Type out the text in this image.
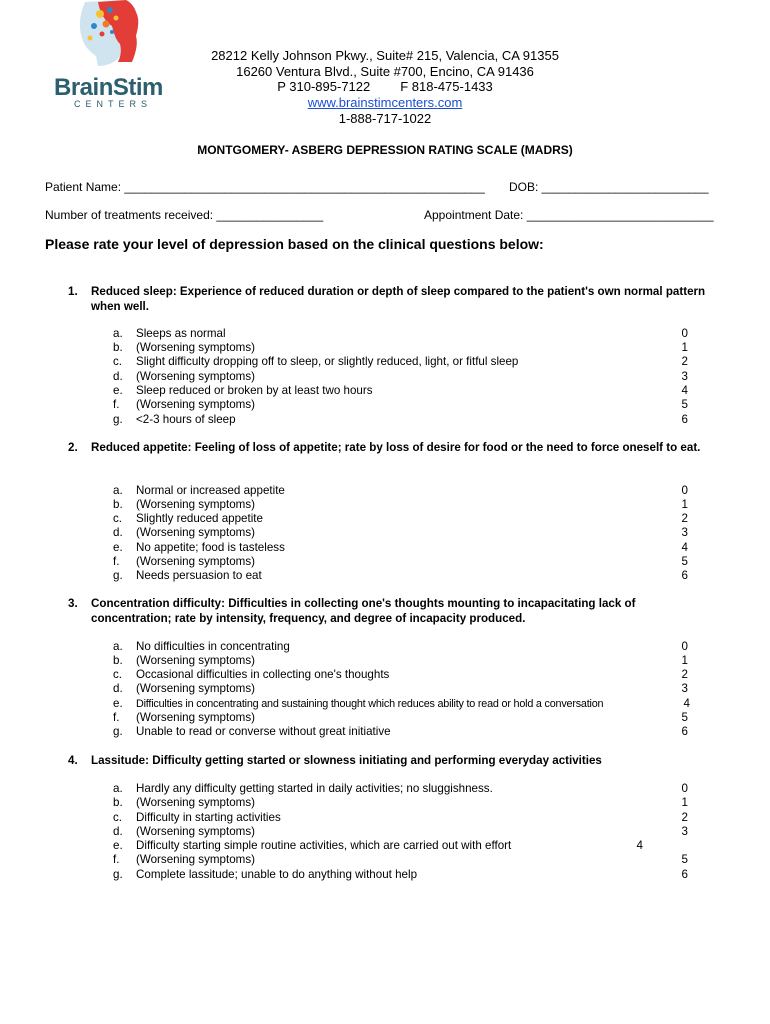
BrainStim
CENTERS
28212 Kelly Johnson Pkwy., Suite# 215, Valencia, CA 91355
16260 Ventura Blvd., Suite #700, Encino, CA 91436
P 310-895-7122 F 818-475-1433
www.brainstimcenters.com
1-888-717-1022
MONTGOMERY- ASBERG DEPRESSION RATING SCALE (MADRS)
Patient Name: ______________________________________________________ DOB: _________________________
Number of treatments received: ________________	Appointment Date: ____________________________
Please rate your level of depression based on the clinical questions below:
1. Reduced sleep: Experience of reduced duration or depth of sleep compared to the patient's own normal pattern when well.
a. Sleeps as normal	0
b. (Worsening symptoms)	1
c. Slight difficulty dropping off to sleep, or slightly reduced, light, or fitful sleep	2
d. (Worsening symptoms)	3
e. Sleep reduced or broken by at least two hours	4
f. (Worsening symptoms)	5
g. <2-3 hours of sleep	6
2. Reduced appetite: Feeling of loss of appetite; rate by loss of desire for food or the need to force oneself to eat.
a. Normal or increased appetite	0
b. (Worsening symptoms)	1
c. Slightly reduced appetite	2
d. (Worsening symptoms)	3
e. No appetite; food is tasteless	4
f. (Worsening symptoms)	5
g. Needs persuasion to eat	6
3. Concentration difficulty: Difficulties in collecting one's thoughts mounting to incapacitating lack of concentration; rate by intensity, frequency, and degree of incapacity produced.
a. No difficulties in concentrating	0
b. (Worsening symptoms)	1
c. Occasional difficulties in collecting one's thoughts	2
d. (Worsening symptoms)	3
e. Difficulties in concentrating and sustaining thought which reduces ability to read or hold a conversation	4
f. (Worsening symptoms)	5
g. Unable to read or converse without great initiative	6
4. Lassitude: Difficulty getting started or slowness initiating and performing everyday activities
a. Hardly any difficulty getting started in daily activities; no sluggishness.	0
b. (Worsening symptoms)	1
c. Difficulty in starting activities	2
d. (Worsening symptoms)	3
e. Difficulty starting simple routine activities, which are carried out with effort	4
f. (Worsening symptoms)	5
g. Complete lassitude; unable to do anything without help	6
